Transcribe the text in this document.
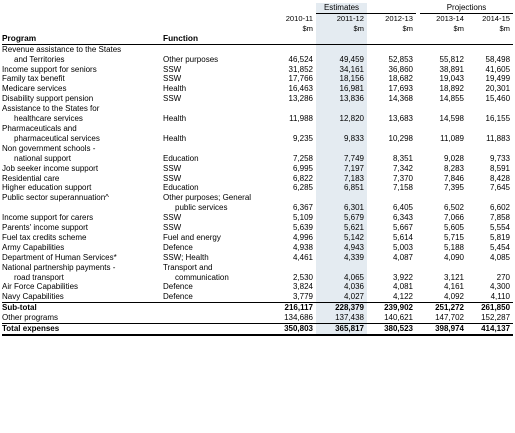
			Estimates			Projections	
		2010-11	2011-12	2012-13		2013-14	2014-15
		$m	$m	$m		$m	$m
Program	Function						
Revenue assistance to the States							
and Territories	Other purposes	46,524	49,459	52,853		55,812	58,498
Income support for seniors	SSW	31,852	34,161	36,860		38,891	41,605
Family tax benefit	SSW	17,766	18,156	18,682		19,043	19,499
Medicare services	Health	16,463	16,981	17,693		18,892	20,301
Disability support pension	SSW	13,286	13,836	14,368		14,855	15,460
Assistance to the States for							
healthcare services	Health	11,988	12,820	13,683		14,598	16,155
Pharmaceuticals and							
pharmaceutical services	Health	9,235	9,833	10,298		11,089	11,883
Non government schools -							
national support	Education	7,258	7,749	8,351		9,028	9,733
Job seeker income support	SSW	6,995	7,197	7,342		8,283	8,591
Residential care	SSW	6,822	7,183	7,370		7,846	8,428
Higher education support	Education	6,285	6,851	7,158		7,395	7,645
Public sector superannuation^	Other purposes; General						
	public services	6,367	6,301	6,405		6,502	6,602
Income support for carers	SSW	5,109	5,679	6,343		7,066	7,858
Parents' income support	SSW	5,639	5,621	5,667		5,605	5,554
Fuel tax credits scheme	Fuel and energy	4,996	5,142	5,614		5,715	5,819
Army Capabilities	Defence	4,938	4,943	5,003		5,188	5,454
Department of Human Services*	SSW; Health	4,461	4,339	4,087		4,090	4,085
National partnership payments -	Transport and						
road transport	communication	2,530	4,065	3,922		3,121	270
Air Force Capabilities	Defence	3,824	4,036	4,081		4,161	4,300
Navy Capabilities	Defence	3,779	4,027	4,122		4,092	4,110
Sub-total		216,117	228,379	239,902		251,272	261,850
Other programs		134,686	137,438	140,621		147,702	152,287
Total expenses		350,803	365,817	380,523		398,974	414,137
